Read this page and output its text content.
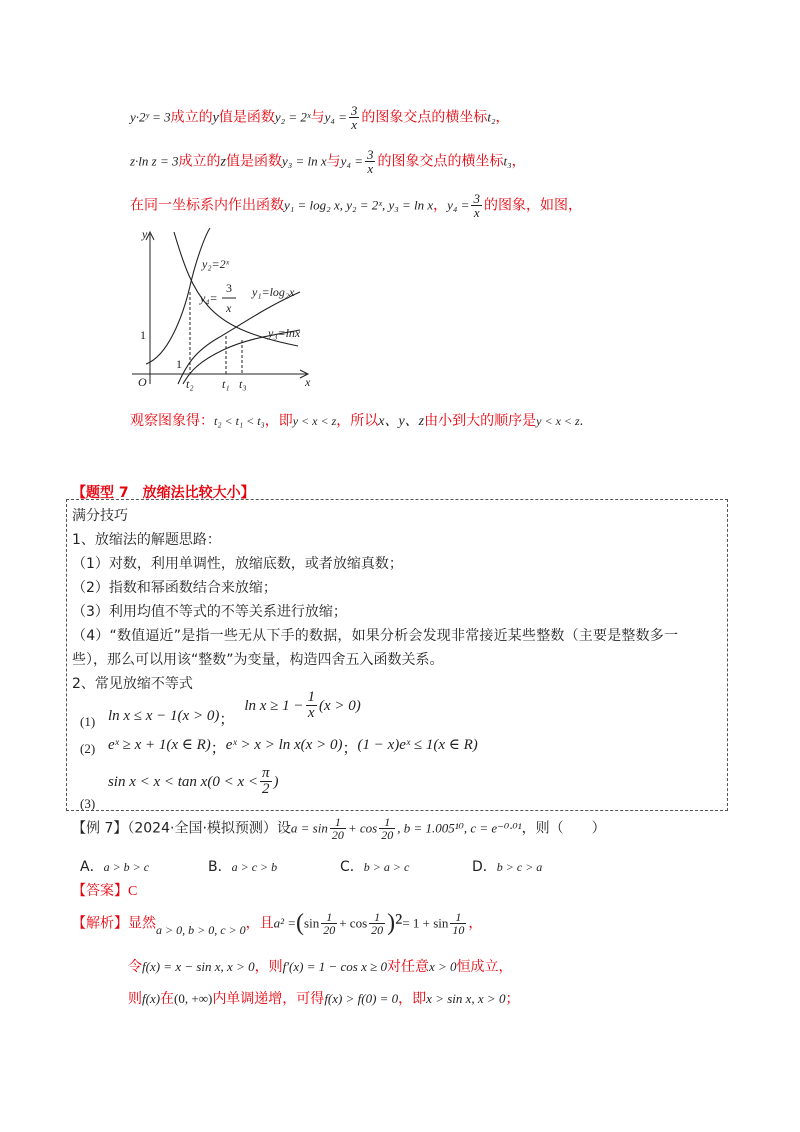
y·2ʸ = 3成立的y值是函数y₂ = 2ˣ与$y_4 = \frac{3}{x}$ 的图象交点的横坐标t₂，
z·ln z = 3成立的z值是函数y₃ = ln x与$y_4 = \frac{3}{x}$ 的图象交点的横坐标t₃，
在同一坐标系内作出函数y₁ = log₂ x, y₂ = 2ˣ, y₃ = ln x，$y_4 = \frac{3}{x}$ 的图象，如图，
y
x
O
y₂=2ˣ
y₄=
3
x
y₁=log₂x
y₃=lnx
t₂ t₁ t₃
1
1
观察图象得：t₂ < t₁ < t₃，即y < x < z，所以x、y、z由小到大的顺序是y < x < z.
【题型 7　放缩法比较大小】
满分技巧
1、放缩法的解题思路：
（1）对数，利用单调性，放缩底数，或者放缩真数；
（2）指数和幂函数结合来放缩；
（3）利用均值不等式的不等关系进行放缩；
（4）“数值逼近”是指一些无从下手的数据，如果分析会发现非常接近某些整数（主要是整数多一
些），那么可以用该“整数”为变量，构造四舍五入函数关系。
2、常见放缩不等式
(1) ln x ≤ x − 1(x > 0)；$\ln x \ge 1 - \frac{1}{x} (x > 0)$
(2) eˣ ≥ x + 1(x ∈ R)；eˣ > x > ln x(x > 0)；(1 − x)eˣ ≤ 1(x ∈ R)
(3) $\sin x < x < \tan x(0 < x < \frac{\pi}{2}$ )
【例 7】（2024·全国·模拟预测）设$a = \sin \frac{1}{20} + \cos \frac{1}{20}$ , b = 1.005¹⁰, c = e⁻⁰·⁰¹，则（　　）
A．a > b > c	B．a > c > b	C．b > a > c	D．b > c > a
【答案】C
【解析】显然a > 0, b > 0, c > 0，且$a^2 =(\sin \frac{1}{20} + \cos \frac{1}{20} )^2= 1 + \sin \frac{1}{10}$ ，
令f(x) = x − sin x, x > 0，则f′(x) = 1 − cos x ≥ 0对任意x > 0恒成立，
则f(x)在(0, +∞)内单调递增，可得f(x) > f(0) = 0，即x > sin x, x > 0；
